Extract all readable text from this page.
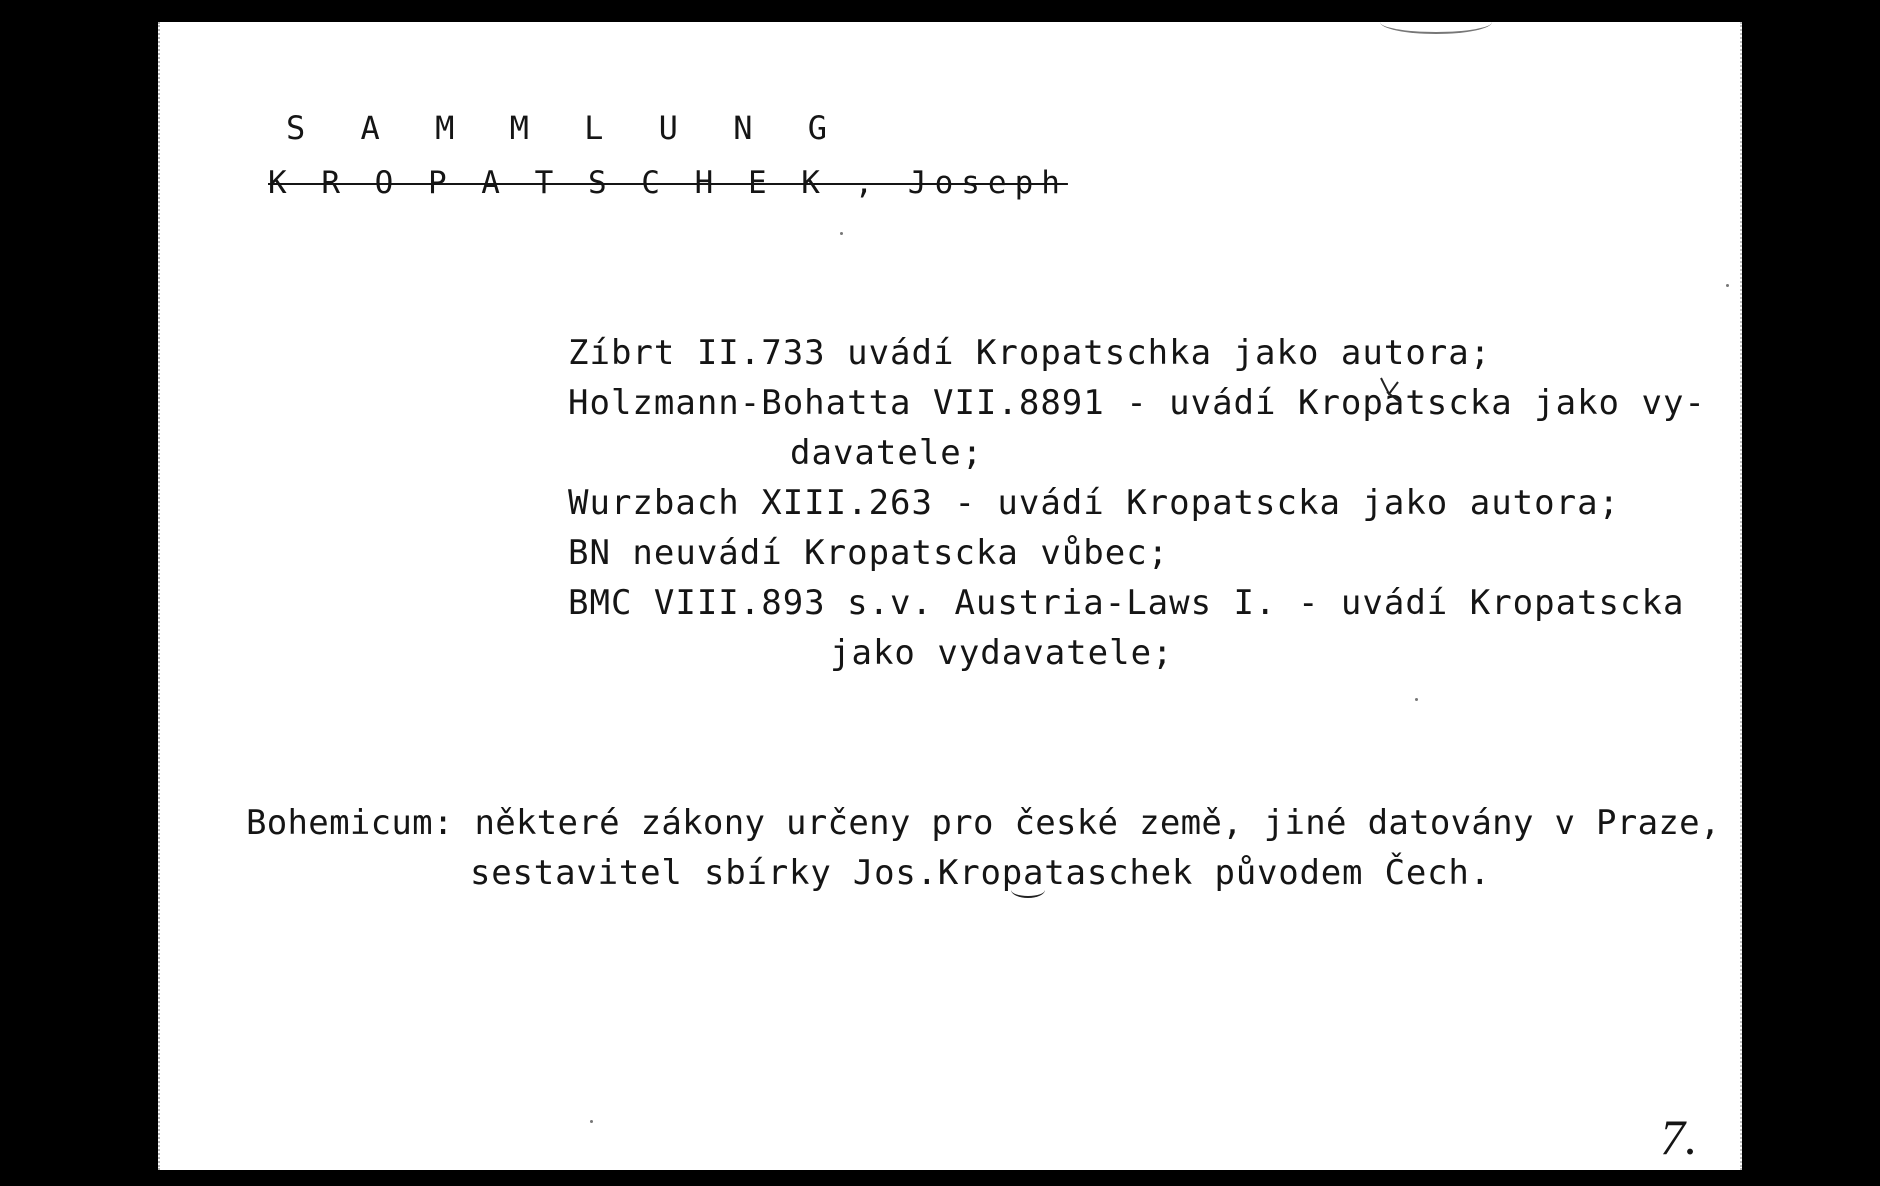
S A M M L U N G
K R O P A T S C H E K , Joseph
Zíbrt II.733 uvádí Kropatschka jako autora;
Holzmann-Bohatta VII.8891 - uvádí Kropatscka jako vy-
davatele;
Wurzbach XIII.263 - uvádí Kropatscka jako autora;
BN neuvádí Kropatscka vůbec;
BMC VIII.893 s.v. Austria-Laws I. - uvádí Kropatscka
jako vydavatele;
Bohemicum: některé zákony určeny pro české země, jiné datovány v Praze,
sestavitel sbírky Jos.Kropataschek původem Čech.
7.
